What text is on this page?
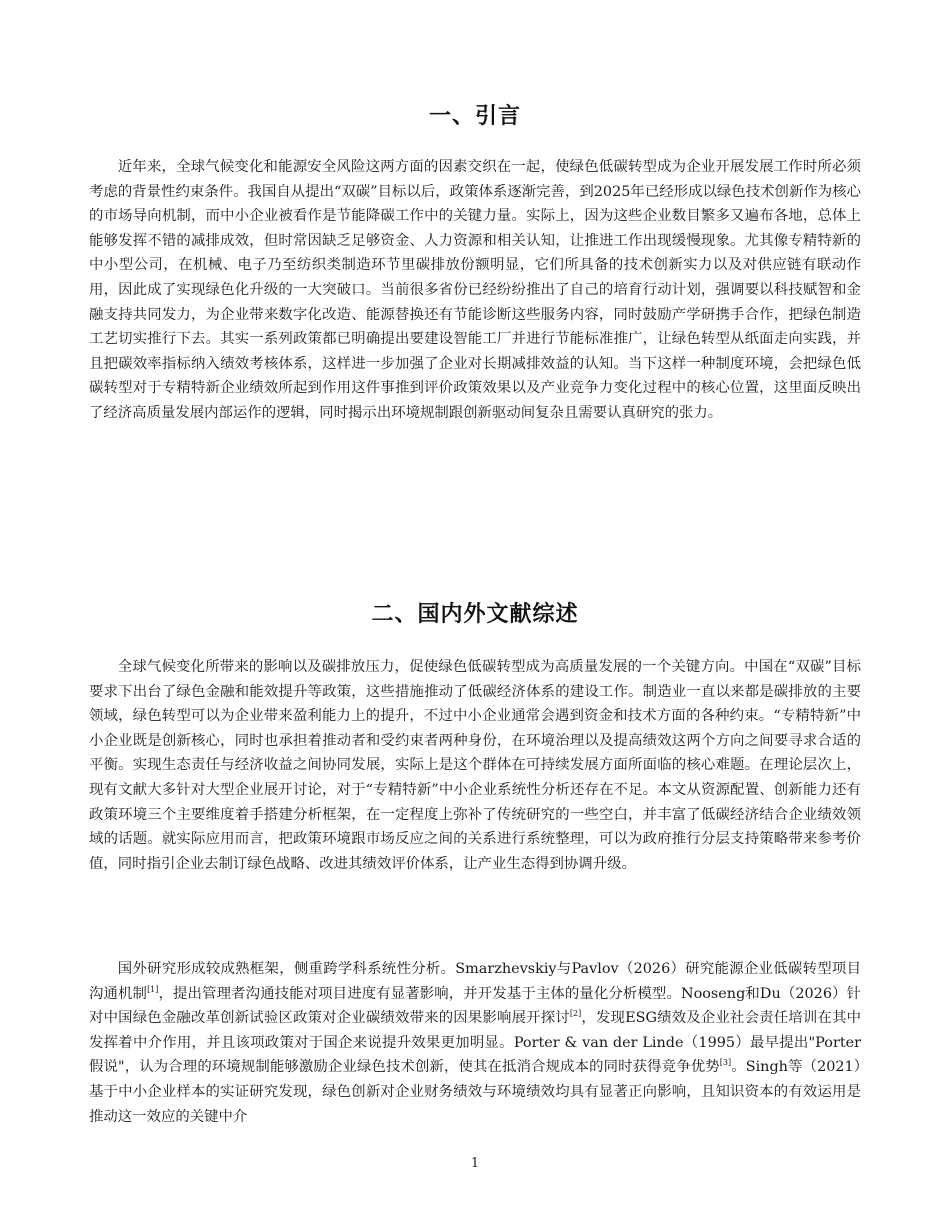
一、引言

近年来，全球气候变化和能源安全风险这两方面的因素交织在一起，使绿色低碳转型成为企业开展发展工作时所必须考虑的背景性约束条件。我国自从提出“双碳”目标以后，政策体系逐渐完善，到2025年已经形成以绿色技术创新作为核心的市场导向机制，而中小企业被看作是节能降碳工作中的关键力量。实际上，因为这些企业数目繁多又遍布各地，总体上能够发挥不错的减排成效，但时常因缺乏足够资金、人力资源和相关认知，让推进工作出现缓慢现象。尤其像专精特新的中小型公司，在机械、电子乃至纺织类制造环节里碳排放份额明显，它们所具备的技术创新实力以及对供应链有联动作用，因此成了实现绿色化升级的一大突破口。当前很多省份已经纷纷推出了自己的培育行动计划，强调要以科技赋智和金融支持共同发力，为企业带来数字化改造、能源替换还有节能诊断这些服务内容，同时鼓励产学研携手合作，把绿色制造工艺切实推行下去。其实一系列政策都已明确提出要建设智能工厂并进行节能标准推广，让绿色转型从纸面走向实践，并且把碳效率指标纳入绩效考核体系，这样进一步加强了企业对长期减排效益的认知。当下这样一种制度环境，会把绿色低碳转型对于专精特新企业绩效所起到作用这件事推到评价政策效果以及产业竞争力变化过程中的核心位置，这里面反映出了经济高质量发展内部运作的逻辑，同时揭示出环境规制跟创新驱动间复杂且需要认真研究的张力。

二、国内外文献综述

全球气候变化所带来的影响以及碳排放压力，促使绿色低碳转型成为高质量发展的一个关键方向。中国在“双碳”目标要求下出台了绿色金融和能效提升等政策，这些措施推动了低碳经济体系的建设工作。制造业一直以来都是碳排放的主要领域，绿色转型可以为企业带来盈利能力上的提升，不过中小企业通常会遇到资金和技术方面的各种约束。“专精特新”中小企业既是创新核心，同时也承担着推动者和受约束者两种身份，在环境治理以及提高绩效这两个方向之间要寻求合适的平衡。实现生态责任与经济收益之间协同发展，实际上是这个群体在可持续发展方面所面临的核心难题。在理论层次上，现有文献大多针对大型企业展开讨论，对于“专精特新”中小企业系统性分析还存在不足。本文从资源配置、创新能力还有政策环境三个主要维度着手搭建分析框架，在一定程度上弥补了传统研究的一些空白，并丰富了低碳经济结合企业绩效领域的话题。就实际应用而言，把政策环境跟市场反应之间的关系进行系统整理，可以为政府推行分层支持策略带来参考价值，同时指引企业去制订绿色战略、改进其绩效评价体系，让产业生态得到协调升级。

国外研究形成较成熟框架，侧重跨学科系统性分析。Smarzhevskiy与Pavlov（2026）研究能源企业低碳转型项目沟通机制[1]，提出管理者沟通技能对项目进度有显著影响，并开发基于主体的量化分析模型。Nooseng和Du（2026）针对中国绿色金融改革创新试验区政策对企业碳绩效带来的因果影响展开探讨[2]，发现ESG绩效及企业社会责任培训在其中发挥着中介作用，并且该项政策对于国企来说提升效果更加明显。Porter & van der Linde（1995）最早提出"Porter假说"，认为合理的环境规制能够激励企业绿色技术创新，使其在抵消合规成本的同时获得竞争优势[3]。Singh等（2021）基于中小企业样本的实证研究发现，绿色创新对企业财务绩效与环境绩效均具有显著正向影响，且知识资本的有效运用是推动这一效应的关键中介

1
